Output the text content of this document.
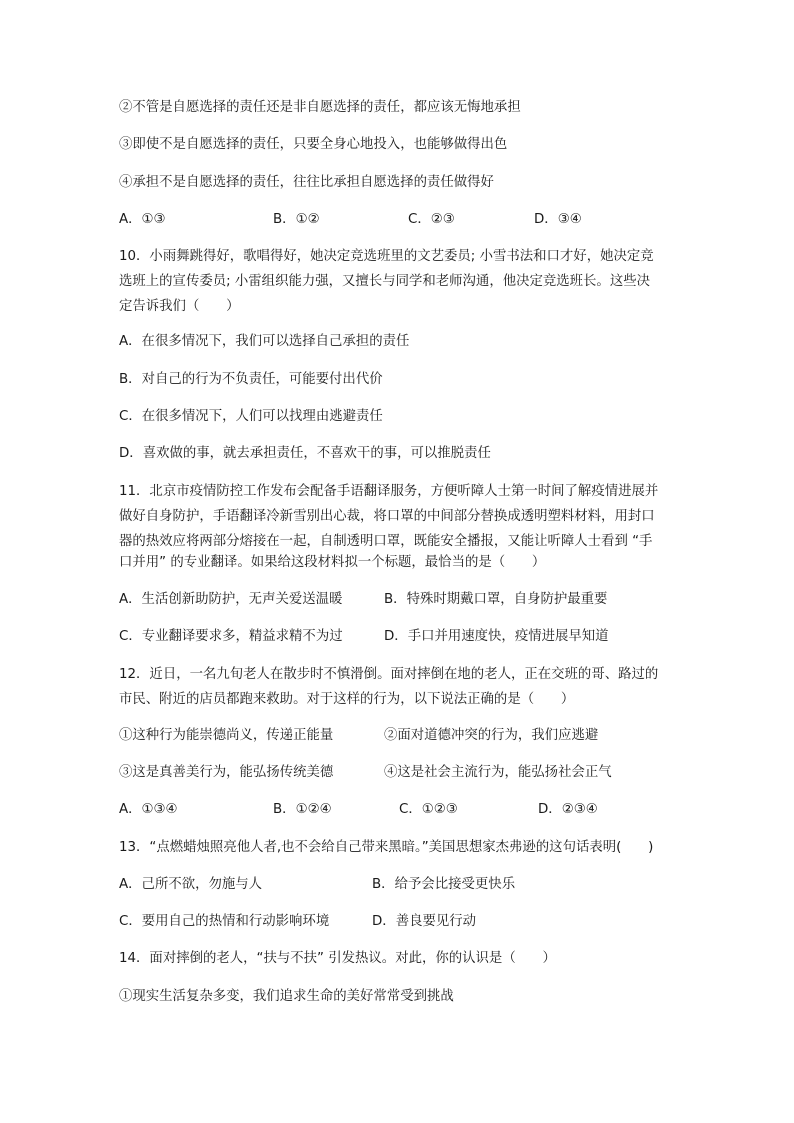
②不管是自愿选择的责任还是非自愿选择的责任，都应该无悔地承担
③即使不是自愿选择的责任，只要全身心地投入，也能够做得出色
④承担不是自愿选择的责任，往往比承担自愿选择的责任做得好
A．①③	B．①②	C．②③	D．③④
10．小雨舞跳得好，歌唱得好，她决定竞选班里的文艺委员; 小雪书法和口才好，她决定竞
选班上的宣传委员; 小雷组织能力强，又擅长与同学和老师沟通，他决定竞选班长。这些决
定告诉我们（　　）
A．在很多情况下，我们可以选择自己承担的责任
B．对自己的行为不负责任，可能要付出代价
C．在很多情况下，人们可以找理由逃避责任
D．喜欢做的事，就去承担责任，不喜欢干的事，可以推脱责任
11．北京市疫情防控工作发布会配备手语翻译服务，方便听障人士第一时间了解疫情进展并
做好自身防护，手语翻译冷新雪别出心裁，将口罩的中间部分替换成透明塑料材料，用封口
器的热效应将两部分熔接在一起，自制透明口罩，既能安全播报，又能让听障人士看到 “手
口并用” 的专业翻译。如果给这段材料拟一个标题，最恰当的是（　　）
A．生活创新助防护，无声关爱送温暖	B．特殊时期戴口罩，自身防护最重要
C．专业翻译要求多，精益求精不为过	D．手口并用速度快，疫情进展早知道
12．近日，一名九旬老人在散步时不慎滑倒。面对摔倒在地的老人，正在交班的哥、路过的
市民、附近的店员都跑来救助。对于这样的行为，以下说法正确的是（　　）
①这种行为能崇德尚义，传递正能量	②面对道德冲突的行为，我们应逃避
③这是真善美行为，能弘扬传统美德	④这是社会主流行为，能弘扬社会正气
A．①③④	B．①②④	C．①②③	D．②③④
13．“点燃蜡烛照亮他人者,也不会给自己带来黑暗。”美国思想家杰弗逊的这句话表明(　　)
A．己所不欲，勿施与人	B．给予会比接受更快乐
C．要用自己的热情和行动影响环境	D．善良要见行动
14．面对摔倒的老人，“扶与不扶” 引发热议。对此，你的认识是（　　）
①现实生活复杂多变，我们追求生命的美好常常受到挑战
